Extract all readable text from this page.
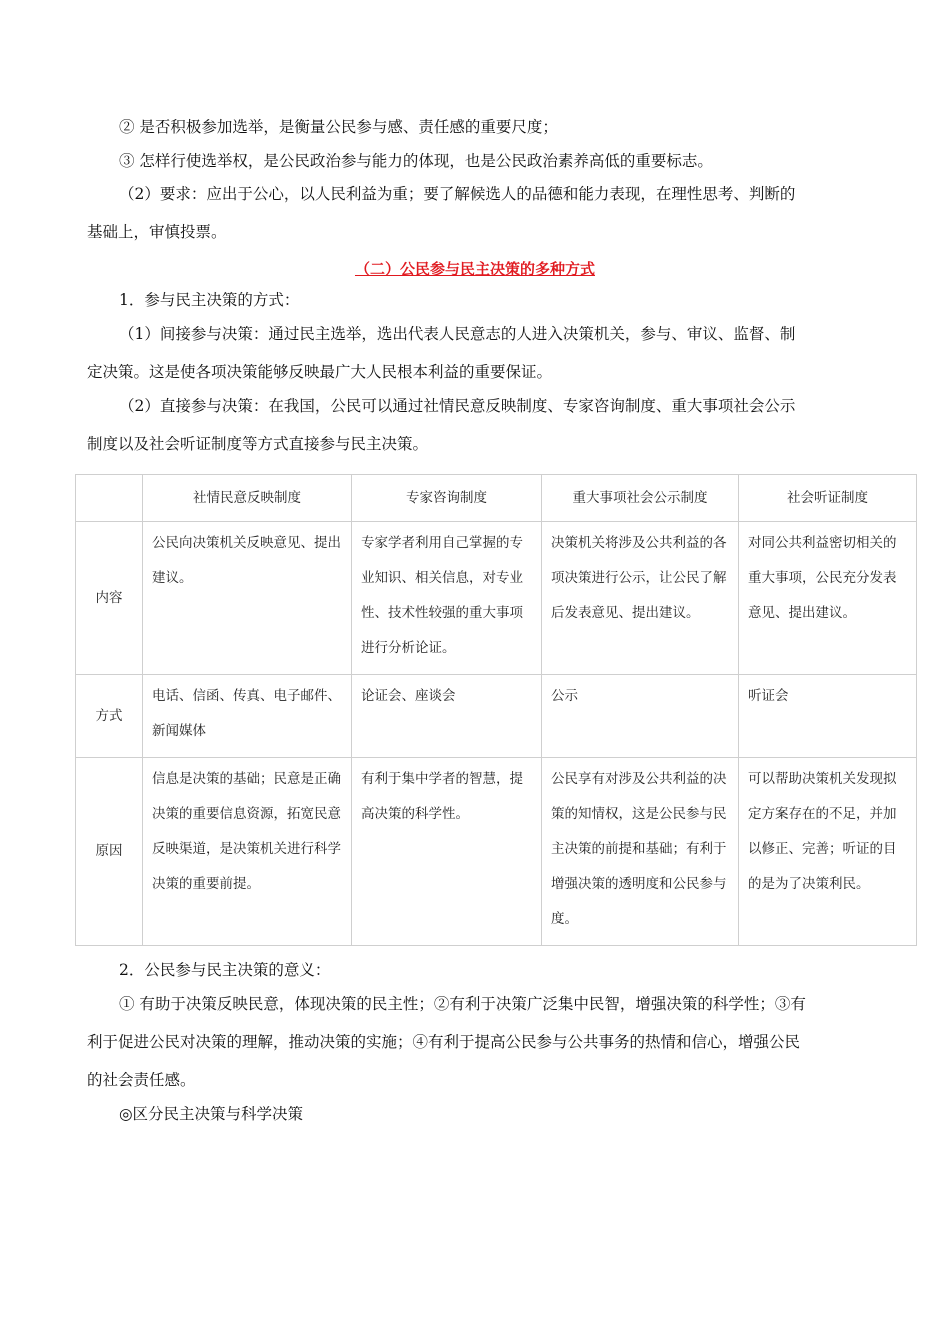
② 是否积极参加选举，是衡量公民参与感、责任感的重要尺度；
③ 怎样行使选举权，是公民政治参与能力的体现，也是公民政治素养高低的重要标志。
（2）要求：应出于公心，以人民利益为重；要了解候选人的品德和能力表现，在理性思考、判断的
基础上，审慎投票。
（二）公民参与民主决策的多种方式
1．参与民主决策的方式：
（1）间接参与决策：通过民主选举，选出代表人民意志的人进入决策机关，参与、审议、监督、制
定决策。这是使各项决策能够反映最广大人民根本利益的重要保证。
（2）直接参与决策：在我国，公民可以通过社情民意反映制度、专家咨询制度、重大事项社会公示
制度以及社会听证制度等方式直接参与民主决策。
	社情民意反映制度	专家咨询制度	重大事项社会公示制度	社会听证制度
内容	公民向决策机关反映意见、提出建议。	专家学者利用自己掌握的专业知识、相关信息，对专业性、技术性较强的重大事项进行分析论证。	决策机关将涉及公共利益的各项决策进行公示，让公民了解后发表意见、提出建议。	对同公共利益密切相关的重大事项，公民充分发表意见、提出建议。
方式	电话、信函、传真、电子邮件、新闻媒体	论证会、座谈会	公示	听证会
原因	信息是决策的基础；民意是正确决策的重要信息资源，拓宽民意反映渠道，是决策机关进行科学决策的重要前提。	有利于集中学者的智慧，提高决策的科学性。	公民享有对涉及公共利益的决策的知情权，这是公民参与民主决策的前提和基础；有利于增强决策的透明度和公民参与度。	可以帮助决策机关发现拟定方案存在的不足，并加以修正、完善；听证的目的是为了决策利民。
2．公民参与民主决策的意义：
① 有助于决策反映民意，体现决策的民主性；②有利于决策广泛集中民智，增强决策的科学性；③有
利于促进公民对决策的理解，推动决策的实施；④有利于提高公民参与公共事务的热情和信心，增强公民
的社会责任感。
◎区分民主决策与科学决策
